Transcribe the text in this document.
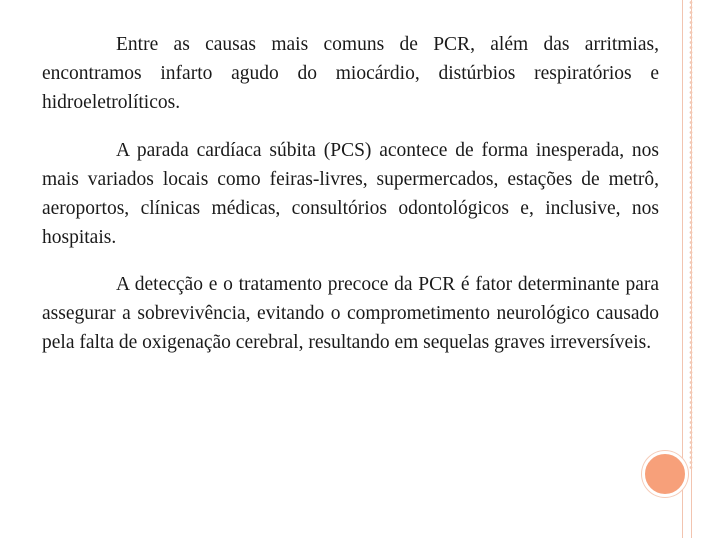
Entre as causas mais comuns de PCR, além das arritmias, encontramos infarto agudo do miocárdio, distúrbios respiratórios e hidroeletrolíticos.

A parada cardíaca súbita (PCS) acontece de forma inesperada, nos mais variados locais como feiras-livres, supermercados, estações de metrô, aeroportos, clínicas médicas, consultórios odontológicos e, inclusive, nos hospitais.

A detecção e o tratamento precoce da PCR é fator determinante para assegurar a sobrevivência, evitando o comprometimento neurológico causado pela falta de oxigenação cerebral, resultando em sequelas graves irreversíveis.
